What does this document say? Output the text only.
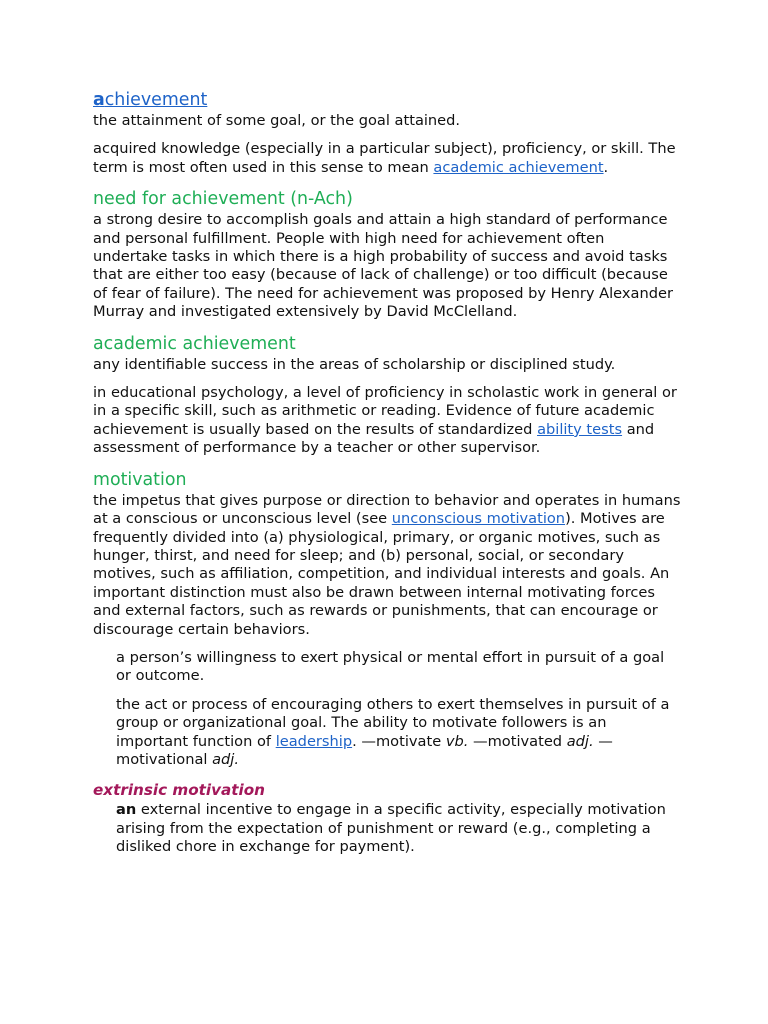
achievement

the attainment of some goal, or the goal attained.

acquired knowledge (especially in a particular subject), proficiency, or skill. The term is most often used in this sense to mean academic achievement.

need for achievement (n-Ach)

a strong desire to accomplish goals and attain a high standard of performance and personal fulfillment. People with high need for achievement often undertake tasks in which there is a high probability of success and avoid tasks that are either too easy (because of lack of challenge) or too difficult (because of fear of failure). The need for achievement was proposed by Henry Alexander Murray and investigated extensively by David McClelland.

academic achievement

any identifiable success in the areas of scholarship or disciplined study.

in educational psychology, a level of proficiency in scholastic work in general or in a specific skill, such as arithmetic or reading. Evidence of future academic achievement is usually based on the results of standardized ability tests and assessment of performance by a teacher or other supervisor.

motivation

the impetus that gives purpose or direction to behavior and operates in humans at a conscious or unconscious level (see unconscious motivation). Motives are frequently divided into (a) physiological, primary, or organic motives, such as hunger, thirst, and need for sleep; and (b) personal, social, or secondary motives, such as affiliation, competition, and individual interests and goals. An important distinction must also be drawn between internal motivating forces and external factors, such as rewards or punishments, that can encourage or discourage certain behaviors.

a person’s willingness to exert physical or mental effort in pursuit of a goal or outcome.

the act or process of encouraging others to exert themselves in pursuit of a group or organizational goal. The ability to motivate followers is an important function of leadership. —motivate vb. —motivated adj. —motivational adj.

extrinsic motivation

an external incentive to engage in a specific activity, especially motivation arising from the expectation of punishment or reward (e.g., completing a disliked chore in exchange for payment).
